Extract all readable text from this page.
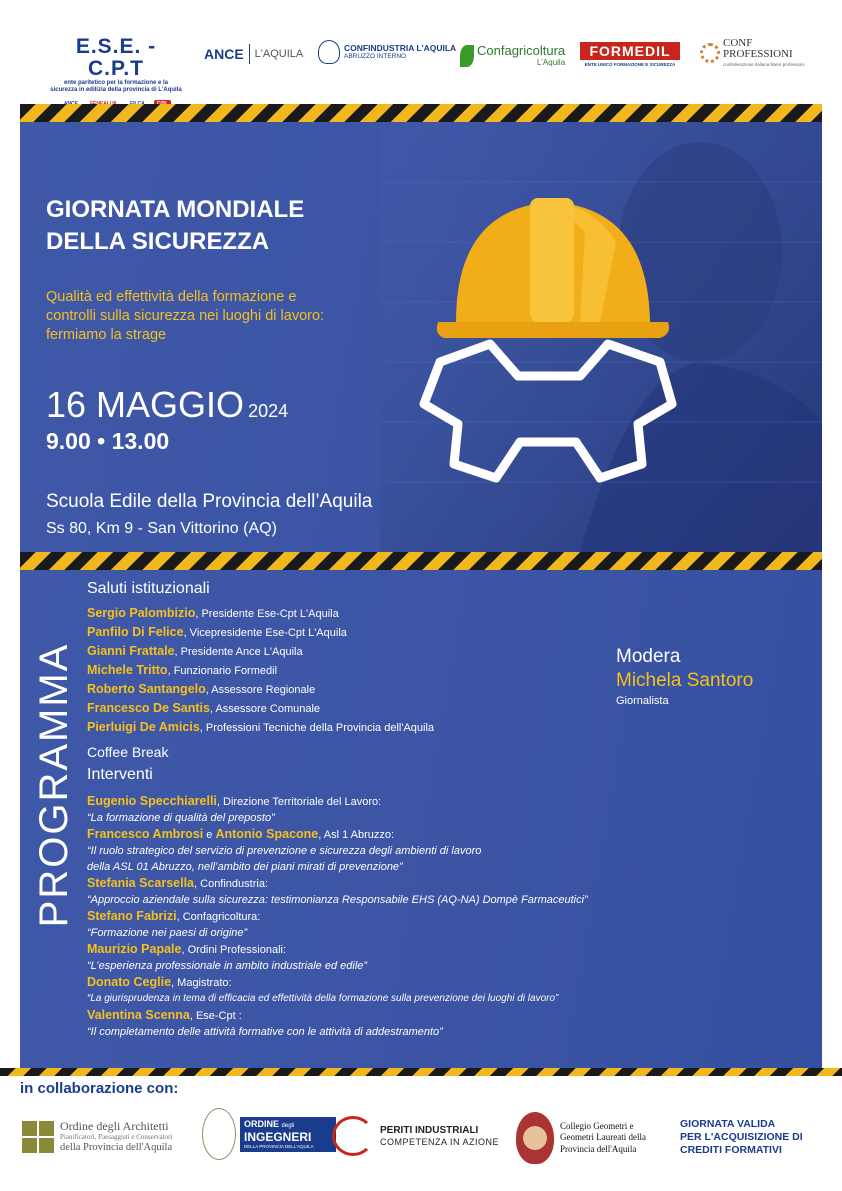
E.S.E. - C.P.T
ente paritetico per la formazione e la
sicurezza in edilizia della provincia di L'Aquila
ANCE L'AQUILA	CONFINDUSTRIA L'AQUILA
ABRUZZO INTERNO	Confagricoltura
L'Aquila
FORMEDIL
ENTE UNICO FORMAZIONE E SICUREZZA
CONF
PROFESSIONI
confederazione italiana libere professioni
GIORNATA MONDIALE
DELLA SICUREZZA
Qualità ed effettività della formazione e
controlli sulla sicurezza nei luoghi di lavoro:
fermiamo la strage
16 MAGGIO 2024
9.00 • 13.00
Scuola Edile della Provincia dell’Aquila
Ss 80, Km 9 - San Vittorino (AQ)
PROGRAMMA
Saluti istituzionali
Sergio Palombizio, Presidente Ese-Cpt L'Aquila
Panfilo Di Felice, Vicepresidente Ese-Cpt L'Aquila
Gianni Frattale, Presidente Ance L'Aquila
Michele Tritto, Funzionario Formedil
Roberto Santangelo, Assessore Regionale
Francesco De Santis, Assessore Comunale
Pierluigi De Amicis, Professioni Tecniche della Provincia dell'Aquila
Coffee Break
Interventi
Eugenio Specchiarelli, Direzione Territoriale del Lavoro:
“La formazione di qualità del preposto”
Francesco Ambrosi e Antonio Spacone, Asl 1 Abruzzo:
“Il ruolo strategico del servizio di prevenzione e sicurezza degli ambienti di lavoro
della ASL 01 Abruzzo, nell’ambito dei piani mirati di prevenzione”
Stefania Scarsella, Confindustria:
“Approccio aziendale sulla sicurezza: testimonianza Responsabile EHS (AQ-NA) Dompè Farmaceutici”
Stefano Fabrizi, Confagricoltura:
“Formazione nei paesi di origine”
Maurizio Papale, Ordini Professionali:
“L’esperienza professionale in ambito industriale ed edile”
Donato Ceglie, Magistrato:
“La giurisprudenza in tema di efficacia ed effettività della formazione sulla prevenzione dei luoghi di lavoro”
Valentina Scenna, Ese-Cpt :
“Il completamento delle attività formative con le attività di addestramento”
Modera
Michela Santoro
Giornalista
in collaborazione con:
Ordine degli Architetti
Pianificatori, Paesaggisti e Conservatori
della Provincia dell'Aquila
ORDINE degli
INGEGNERI
DELLA PROVINCIA DELL'AQUILA
PERITI INDUSTRIALI
COMPETENZA IN AZIONE
Collegio Geometri e
Geometri Laureati della
Provincia dell'Aquila
GIORNATA VALIDA
PER L'ACQUISIZIONE DI
CREDITI FORMATIVI
